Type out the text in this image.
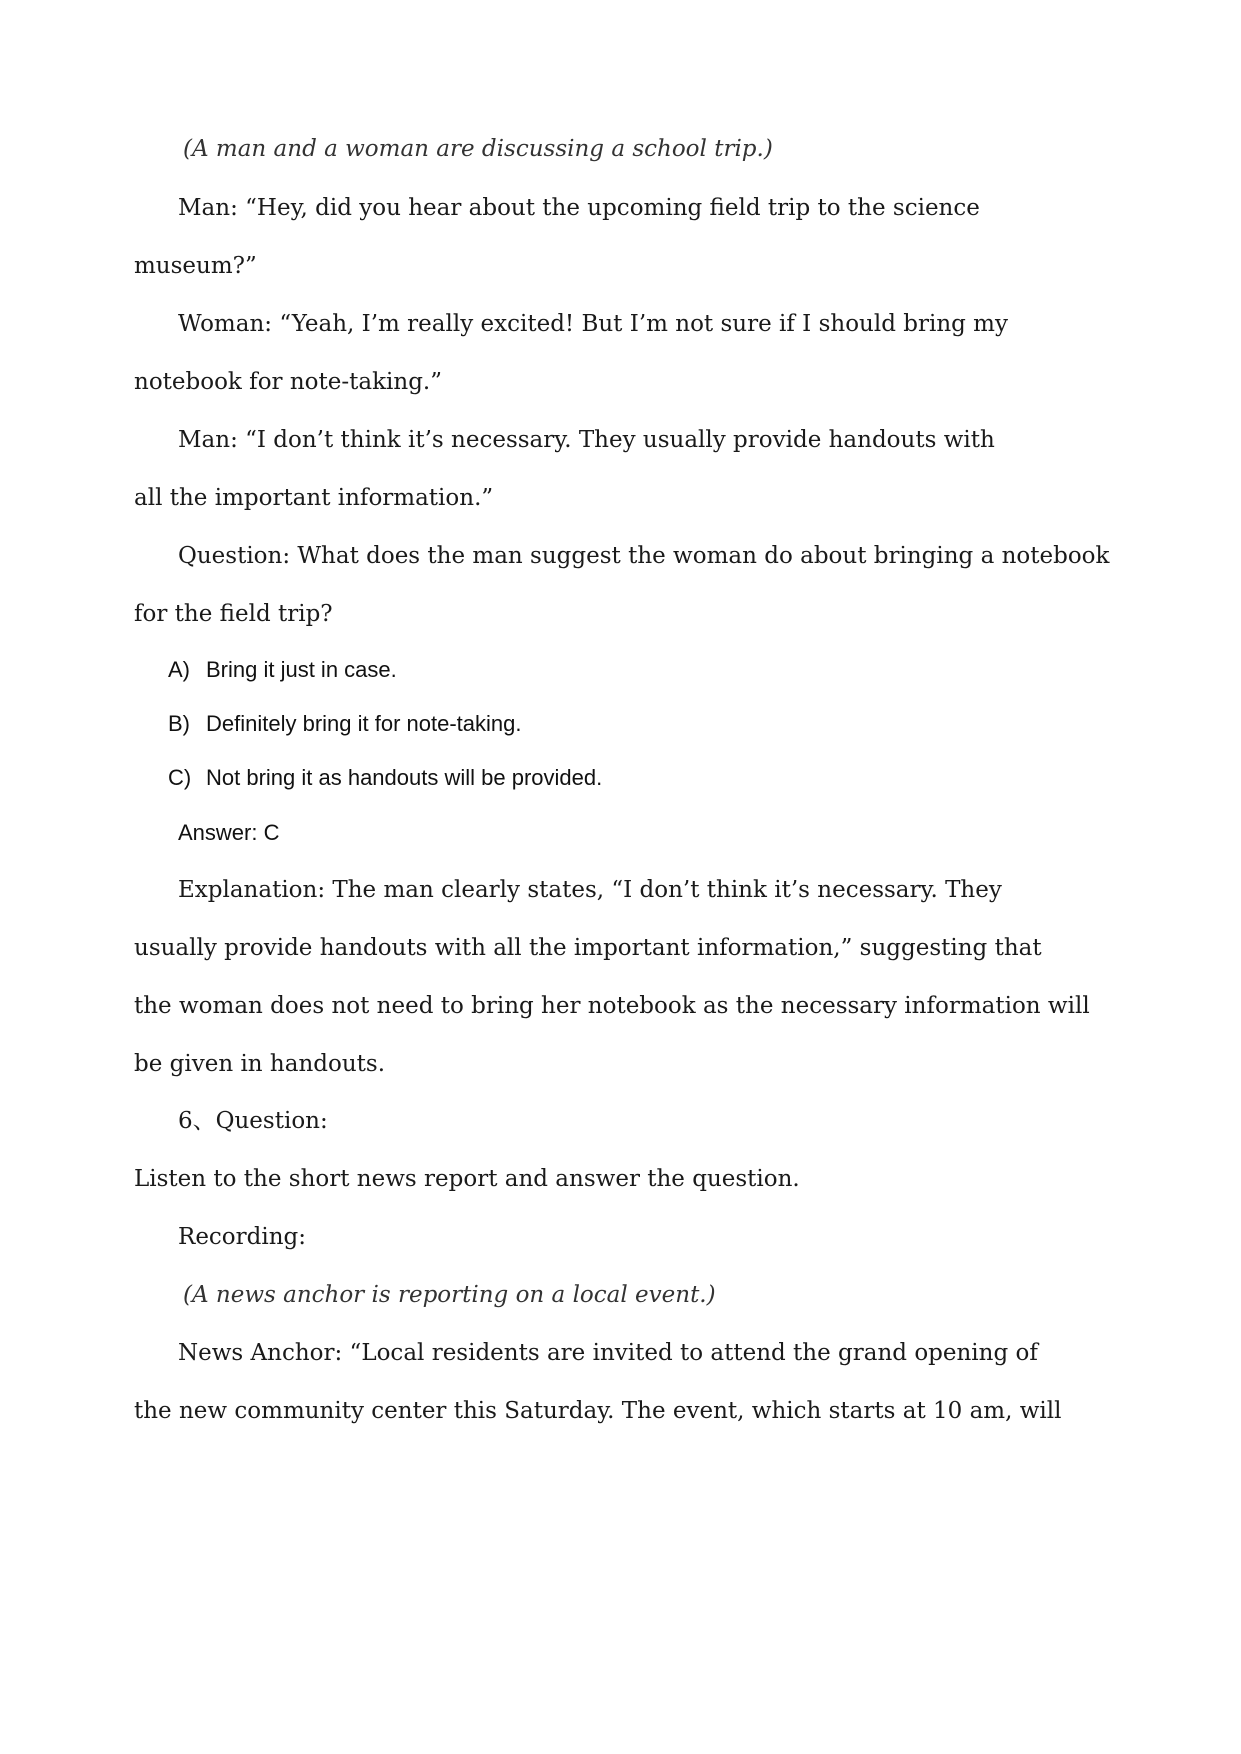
(A man and a woman are discussing a school trip.)
Man: “Hey, did you hear about the upcoming field trip to the science
museum?”
Woman: “Yeah, I’m really excited! But I’m not sure if I should bring my
notebook for note-taking.”
Man: “I don’t think it’s necessary. They usually provide handouts with
all the important information.”
Question: What does the man suggest the woman do about bringing a notebook
for the field trip?
A) Bring it just in case.
B) Definitely bring it for note-taking.
C) Not bring it as handouts will be provided.
Answer: C
Explanation: The man clearly states, “I don’t think it’s necessary. They
usually provide handouts with all the important information,” suggesting that
the woman does not need to bring her notebook as the necessary information will
be given in handouts.
6、Question:
Listen to the short news report and answer the question.
Recording:
(A news anchor is reporting on a local event.)
News Anchor: “Local residents are invited to attend the grand opening of
the new community center this Saturday. The event, which starts at 10 am, will
